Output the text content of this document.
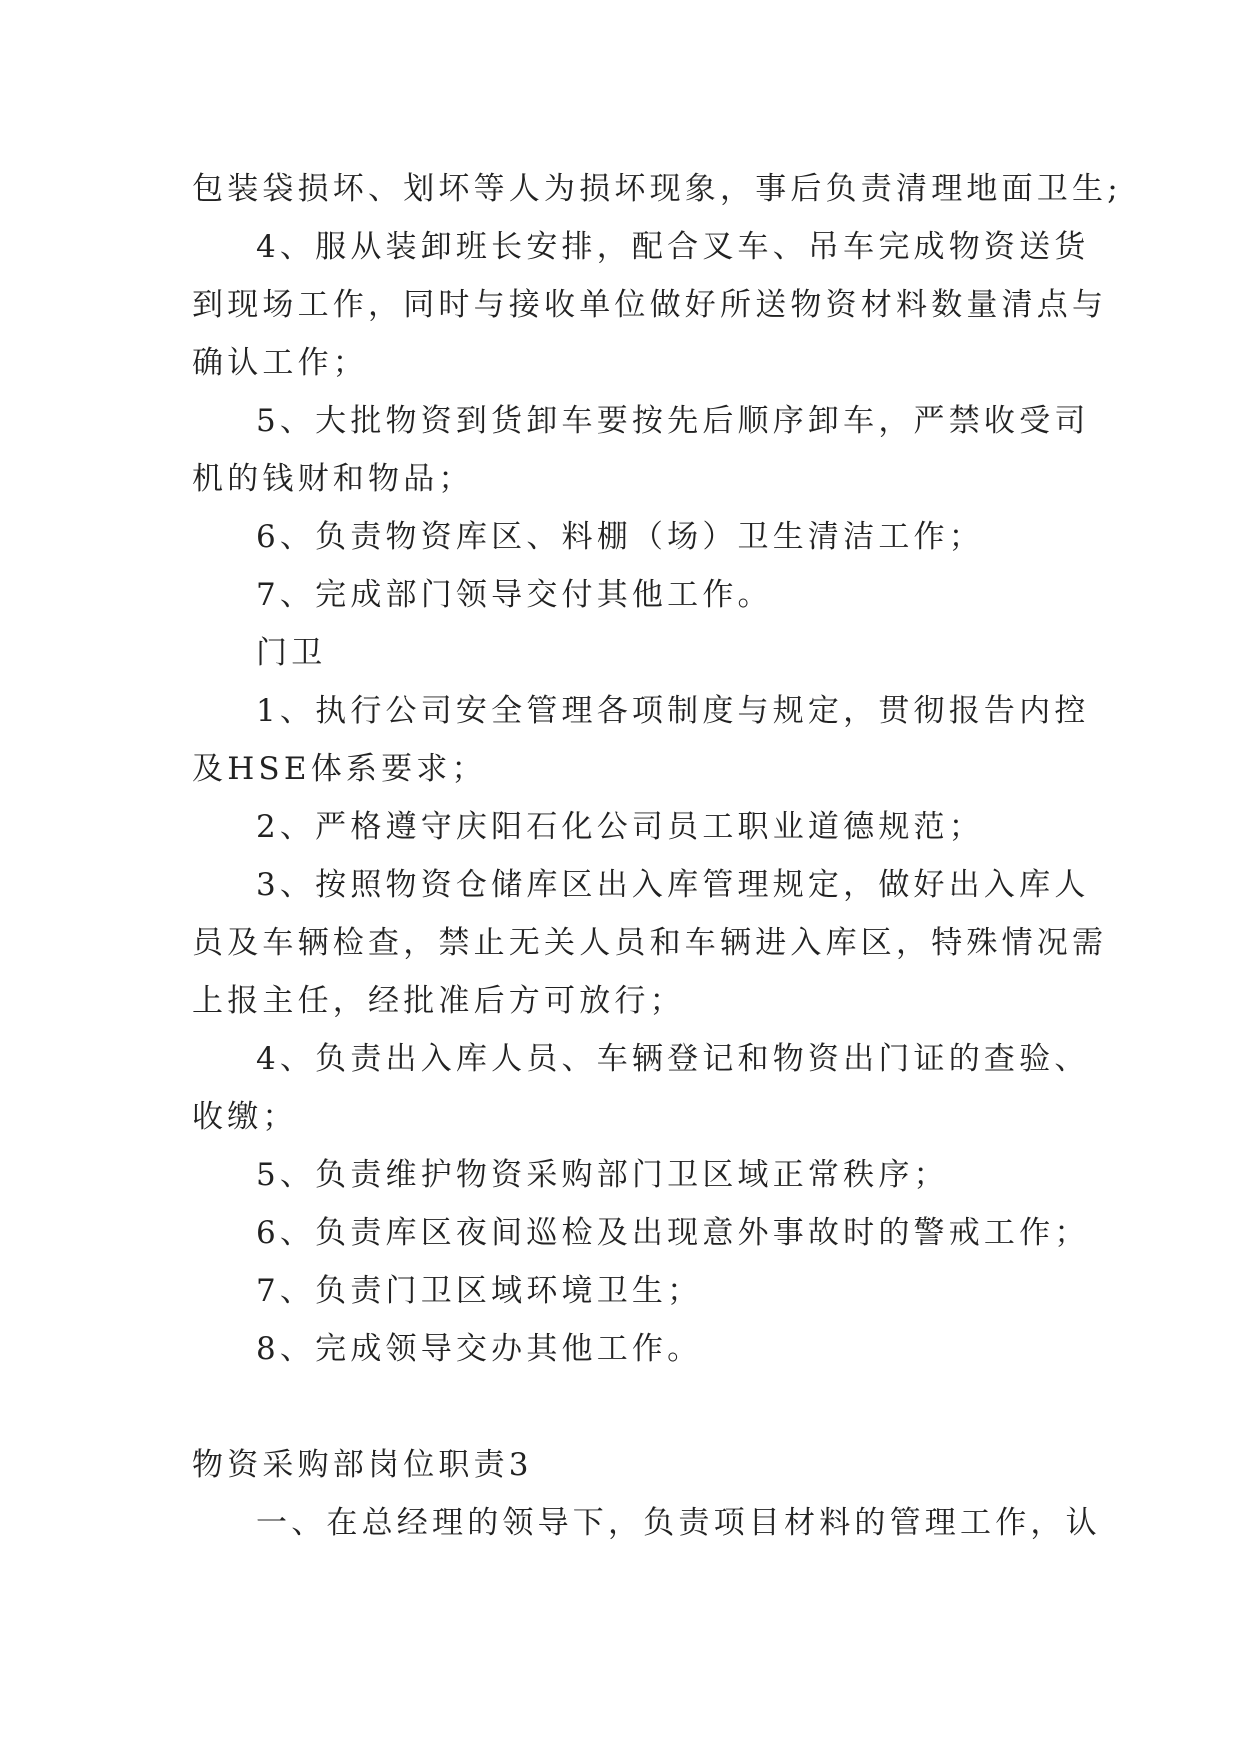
包装袋损坏、划坏等人为损坏现象，事后负责清理地面卫生;
4、服从装卸班长安排，配合叉车、吊车完成物资送货
到现场工作，同时与接收单位做好所送物资材料数量清点与
确认工作；
5、大批物资到货卸车要按先后顺序卸车，严禁收受司
机的钱财和物品；
6、负责物资库区、料棚（场）卫生清洁工作；
7、完成部门领导交付其他工作。
门卫
1、执行公司安全管理各项制度与规定，贯彻报告内控
及HSE体系要求；
2、严格遵守庆阳石化公司员工职业道德规范；
3、按照物资仓储库区出入库管理规定，做好出入库人
员及车辆检查，禁止无关人员和车辆进入库区，特殊情况需
上报主任，经批准后方可放行；
4、负责出入库人员、车辆登记和物资出门证的查验、
收缴；
5、负责维护物资采购部门卫区域正常秩序；
6、负责库区夜间巡检及出现意外事故时的警戒工作；
7、负责门卫区域环境卫生；
8、完成领导交办其他工作。
物资采购部岗位职责3
一、在总经理的领导下，负责项目材料的管理工作，认
